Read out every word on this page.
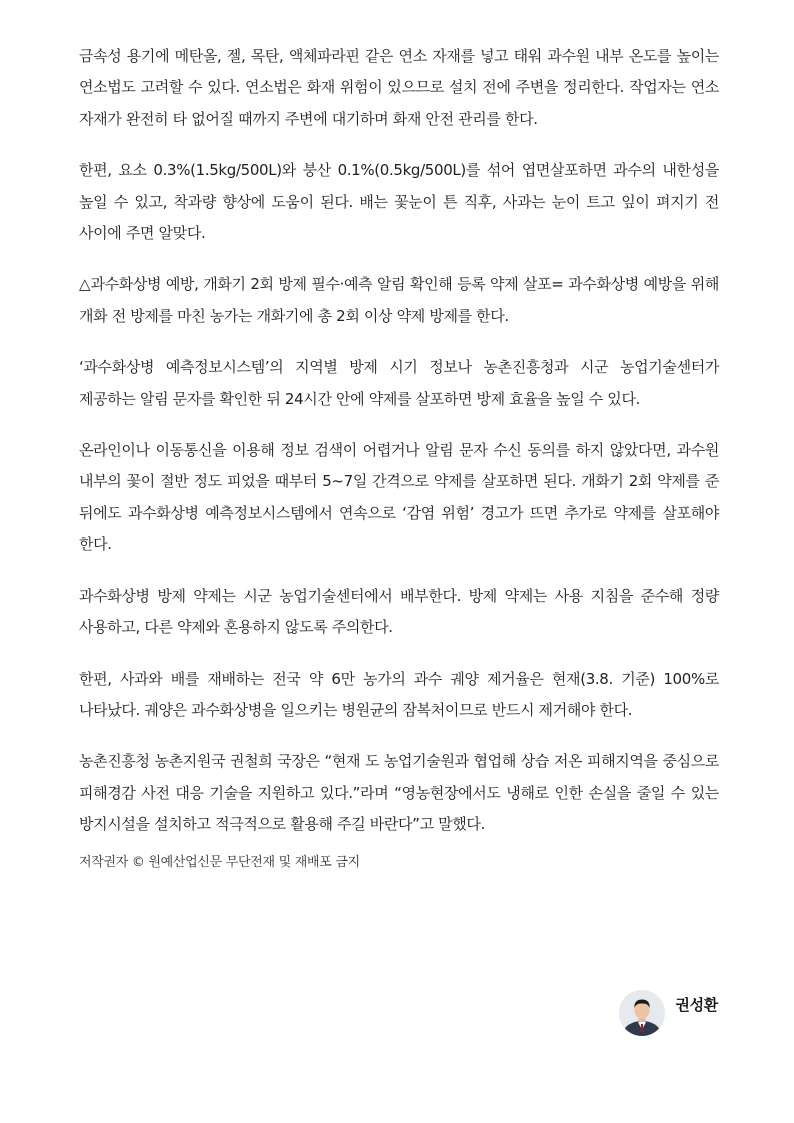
금속성 용기에 메탄올, 젤, 목탄, 액체파라핀 같은 연소 자재를 넣고 태워 과수원 내부 온도를 높이는 연소법도 고려할 수 있다. 연소법은 화재 위험이 있으므로 설치 전에 주변을 정리한다. 작업자는 연소 자재가 완전히 타 없어질 때까지 주변에 대기하며 화재 안전 관리를 한다.

한편, 요소 0.3%(1.5kg/500L)와 붕산 0.1%(0.5kg/500L)를 섞어 엽면살포하면 과수의 내한성을 높일 수 있고, 착과량 향상에 도움이 된다. 배는 꽃눈이 튼 직후, 사과는 눈이 트고 잎이 펴지기 전 사이에 주면 알맞다.

△과수화상병 예방, 개화기 2회 방제 필수·예측 알림 확인해 등록 약제 살포= 과수화상병 예방을 위해 개화 전 방제를 마친 농가는 개화기에 총 2회 이상 약제 방제를 한다.

‘과수화상병 예측정보시스템’의 지역별 방제 시기 정보나 농촌진흥청과 시군 농업기술센터가 제공하는 알림 문자를 확인한 뒤 24시간 안에 약제를 살포하면 방제 효율을 높일 수 있다.

온라인이나 이동통신을 이용해 정보 검색이 어렵거나 알림 문자 수신 동의를 하지 않았다면, 과수원 내부의 꽃이 절반 정도 피었을 때부터 5~7일 간격으로 약제를 살포하면 된다. 개화기 2회 약제를 준 뒤에도 과수화상병 예측정보시스템에서 연속으로 ‘감염 위험’ 경고가 뜨면 추가로 약제를 살포해야 한다.

과수화상병 방제 약제는 시군 농업기술센터에서 배부한다. 방제 약제는 사용 지침을 준수해 정량 사용하고, 다른 약제와 혼용하지 않도록 주의한다.

한편, 사과와 배를 재배하는 전국 약 6만 농가의 과수 궤양 제거율은 현재(3.8. 기준) 100%로 나타났다. 궤양은 과수화상병을 일으키는 병원균의 잠복처이므로 반드시 제거해야 한다.

농촌진흥청 농촌지원국 권철희 국장은 “현재 도 농업기술원과 협업해 상습 저온 피해지역을 중심으로 피해경감 사전 대응 기술을 지원하고 있다.”라며 “영농현장에서도 냉해로 인한 손실을 줄일 수 있는 방지시설을 설치하고 적극적으로 활용해 주길 바란다”고 말했다.

저작권자 © 원예산업신문 무단전재 및 재배포 금지

권성환
